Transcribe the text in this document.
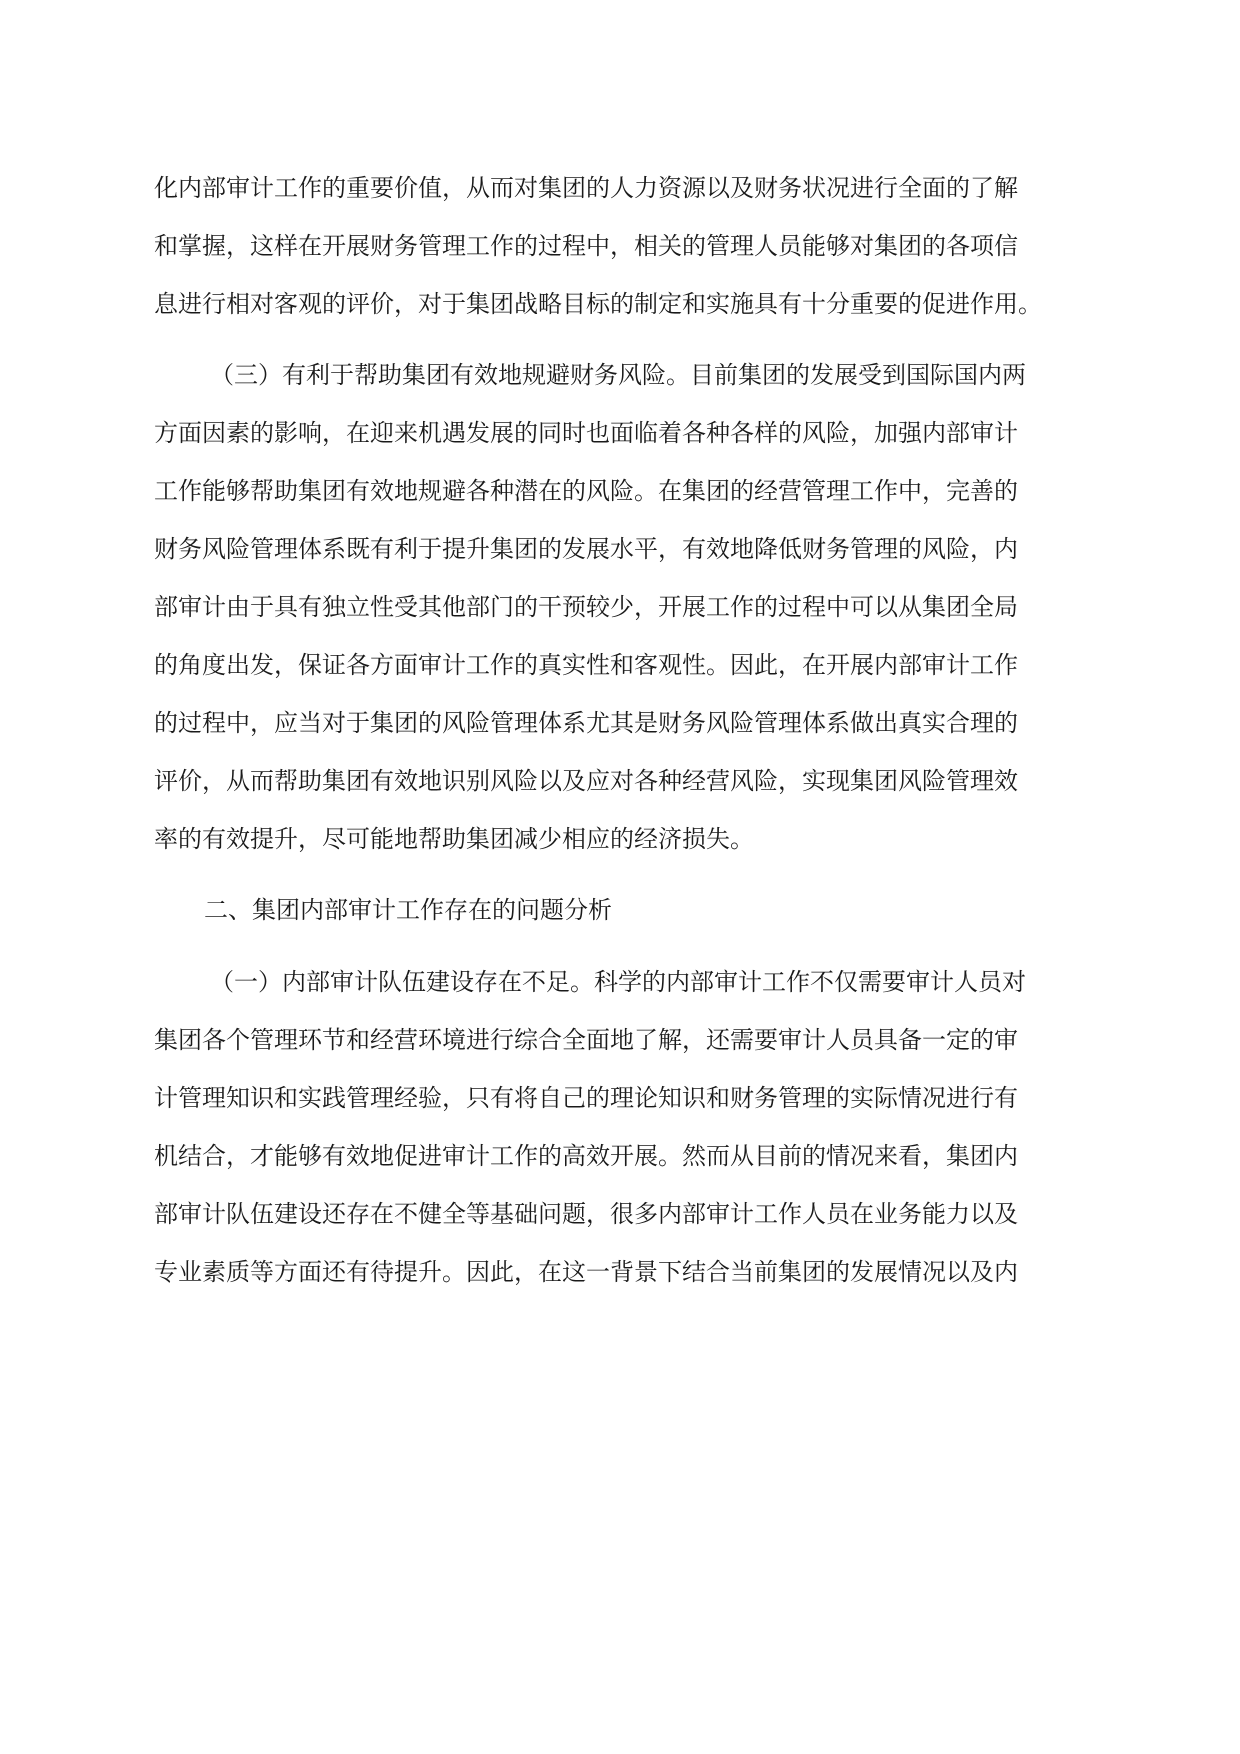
化内部审计工作的重要价值，从而对集团的人力资源以及财务状况进行全面的了解
和掌握，这样在开展财务管理工作的过程中，相关的管理人员能够对集团的各项信
息进行相对客观的评价，对于集团战略目标的制定和实施具有十分重要的促进作用。
（三）有利于帮助集团有效地规避财务风险。目前集团的发展受到国际国内两
方面因素的影响，在迎来机遇发展的同时也面临着各种各样的风险，加强内部审计
工作能够帮助集团有效地规避各种潜在的风险。在集团的经营管理工作中，完善的
财务风险管理体系既有利于提升集团的发展水平，有效地降低财务管理的风险，内
部审计由于具有独立性受其他部门的干预较少，开展工作的过程中可以从集团全局
的角度出发，保证各方面审计工作的真实性和客观性。因此，在开展内部审计工作
的过程中，应当对于集团的风险管理体系尤其是财务风险管理体系做出真实合理的
评价，从而帮助集团有效地识别风险以及应对各种经营风险，实现集团风险管理效
率的有效提升，尽可能地帮助集团减少相应的经济损失。
二、集团内部审计工作存在的问题分析
（一）内部审计队伍建设存在不足。科学的内部审计工作不仅需要审计人员对
集团各个管理环节和经营环境进行综合全面地了解，还需要审计人员具备一定的审
计管理知识和实践管理经验，只有将自己的理论知识和财务管理的实际情况进行有
机结合，才能够有效地促进审计工作的高效开展。然而从目前的情况来看，集团内
部审计队伍建设还存在不健全等基础问题，很多内部审计工作人员在业务能力以及
专业素质等方面还有待提升。因此，在这一背景下结合当前集团的发展情况以及内
